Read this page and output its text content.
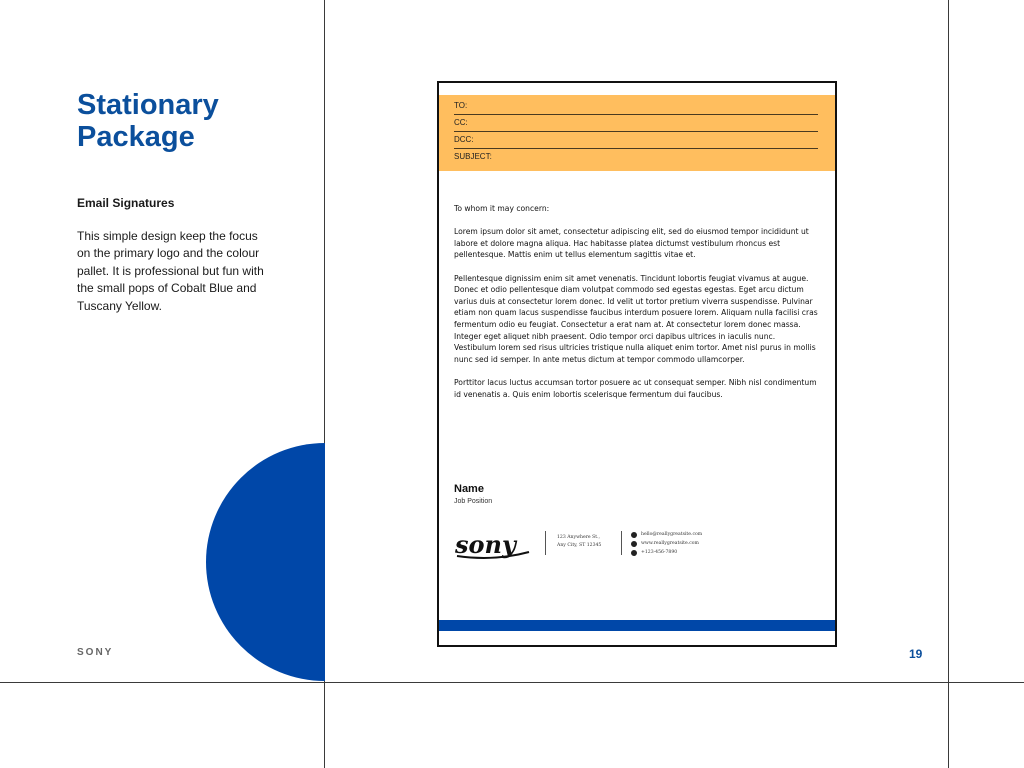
Stationary Package
Email Signatures

This simple design keep the focus on the primary logo and the colour pallet. It is professional but fun with the small pops of Cobalt Blue and Tuscany Yellow.

SONY	19
TO:
CC:
DCC:
SUBJECT:

To whom it may concern:

Lorem ipsum dolor sit amet, consectetur adipiscing elit, sed do eiusmod tempor incididunt ut labore et dolore magna aliqua. Hac habitasse platea dictumst vestibulum rhoncus est pellentesque. Mattis enim ut tellus elementum sagittis vitae et.

Pellentesque dignissim enim sit amet venenatis. Tincidunt lobortis feugiat vivamus at augue. Donec et odio pellentesque diam volutpat commodo sed egestas egestas. Eget arcu dictum varius duis at consectetur lorem donec. Id velit ut tortor pretium viverra suspendisse. Pulvinar etiam non quam lacus suspendisse faucibus interdum posuere lorem. Aliquam nulla facilisi cras fermentum odio eu feugiat. Consectetur a erat nam at. At consectetur lorem donec massa. Integer eget aliquet nibh praesent. Odio tempor orci dapibus ultrices in iaculis nunc. Vestibulum lorem sed risus ultricies tristique nulla aliquet enim tortor. Amet nisl purus in mollis nunc sed id semper. In ante metus dictum at tempor commodo ullamcorper.

Porttitor lacus luctus accumsan tortor posuere ac ut consequat semper. Nibh nisl condimentum id venenatis a. Quis enim lobortis scelerisque fermentum dui faucibus.

Name
Job Position
sony	123 Anywhere St.,
Any City, ST 12345
hello@reallygreatsite.com
www.reallygreatsite.com
+123-456-7890
